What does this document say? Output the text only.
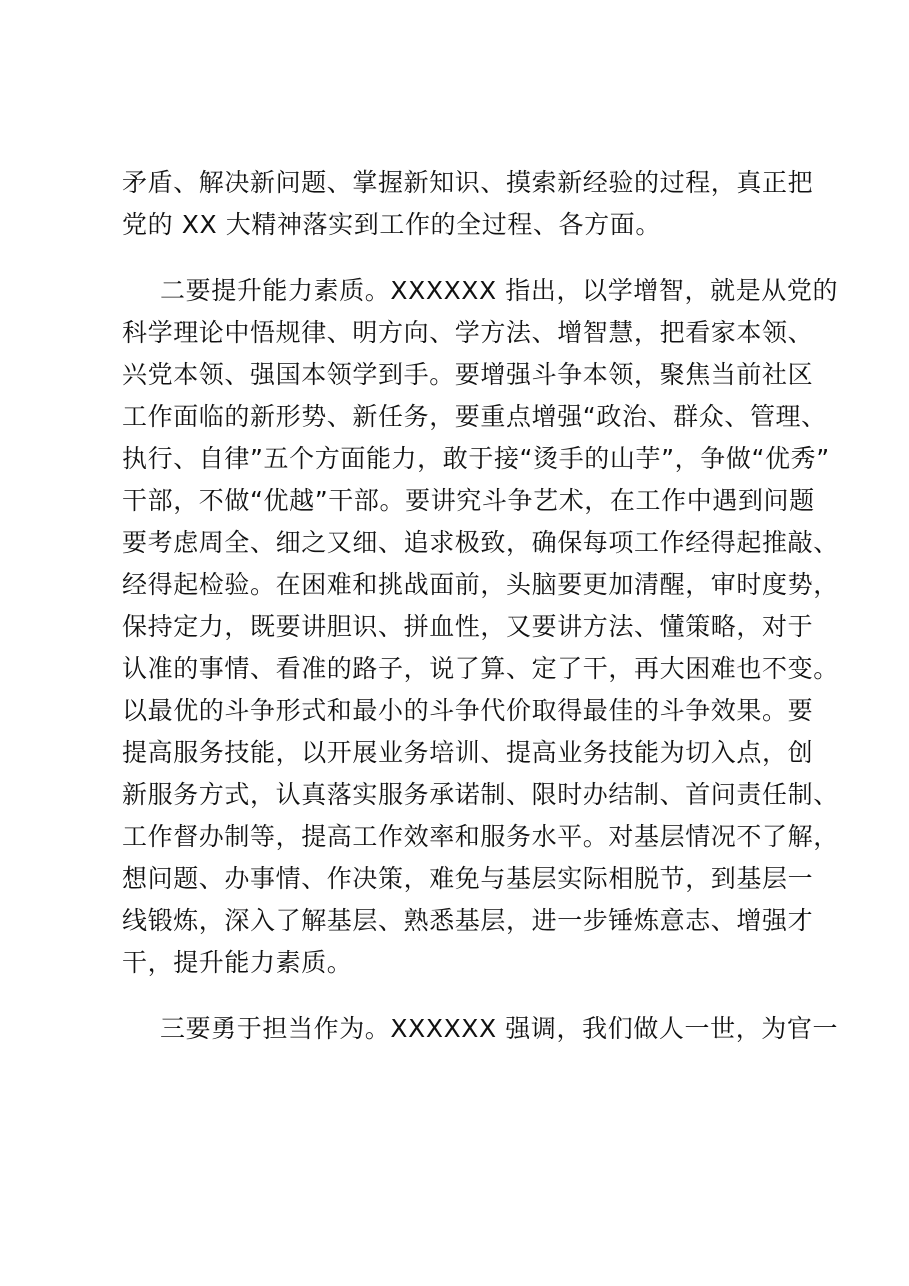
矛盾、解决新问题、掌握新知识、摸索新经验的过程，真正把
党的 XX 大精神落实到工作的全过程、各方面。
二要提升能力素质。XXXXXX 指出，以学增智，就是从党的
科学理论中悟规律、明方向、学方法、增智慧，把看家本领、
兴党本领、强国本领学到手。要增强斗争本领，聚焦当前社区
工作面临的新形势、新任务，要重点增强“政治、群众、管理、
执行、自律”五个方面能力，敢于接“烫手的山芋”，争做“优秀”
干部，不做“优越”干部。要讲究斗争艺术，在工作中遇到问题
要考虑周全、细之又细、追求极致，确保每项工作经得起推敲、
经得起检验。在困难和挑战面前，头脑要更加清醒，审时度势，
保持定力，既要讲胆识、拼血性，又要讲方法、懂策略，对于
认准的事情、看准的路子，说了算、定了干，再大困难也不变。
以最优的斗争形式和最小的斗争代价取得最佳的斗争效果。要
提高服务技能，以开展业务培训、提高业务技能为切入点，创
新服务方式，认真落实服务承诺制、限时办结制、首问责任制、
工作督办制等，提高工作效率和服务水平。对基层情况不了解，
想问题、办事情、作决策，难免与基层实际相脱节，到基层一
线锻炼，深入了解基层、熟悉基层，进一步锤炼意志、增强才
干，提升能力素质。
三要勇于担当作为。XXXXXX 强调，我们做人一世，为官一
